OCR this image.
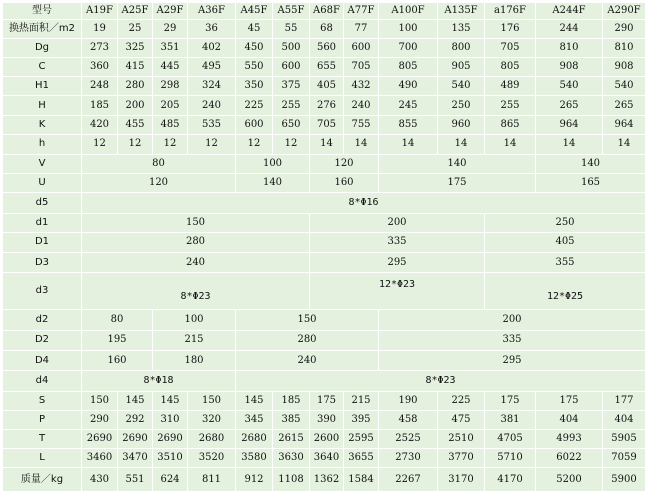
型号	A19F	A25F	A29F	A36F	A45F	A55F	A68F	A77F	A100F	A135F	a176F	A244F	A290F
换热面积／m2	19	25	29	36	45	55	68	77	100	135	176	244	290
Dg	273	325	351	402	450	500	560	600	700	800	705	810	810
C	360	415	445	495	550	600	655	705	805	905	805	908	908
H1	248	280	298	324	350	375	405	432	490	540	489	540	540
H	185	200	205	240	225	255	276	240	245	250	255	265	265
K	420	455	485	535	600	650	705	755	855	960	865	964	964
h	12	12	12	12	12	12	14	14	14	14	14	14	14
V	80				100		120		140			140	
U	120				140		160		175			165	
d5	8*Φ16												
d1	150						200				250		
D1	280						335				405		
D3	240						295				355		
d3	8*Φ23						12*Φ23				12*Φ25		
d2	80		100		150				200				
D2	195		215		280				335				
D4	160		180		240				295				
d4	8*Φ18				8*Φ23								
S	150	145	145	150	145	185	175	215	190	225	175	175	177
P	290	292	310	320	345	385	390	395	458	475	381	404	404
T	2690	2690	2690	2680	2680	2615	2600	2595	2525	2510	4705	4993	5905
L	3460	3470	3510	3520	3580	3630	3640	3655	2730	3770	5710	6022	7059
质量／kg	430	551	624	811	912	1108	1362	1584	2267	3170	4170	5200	5900
